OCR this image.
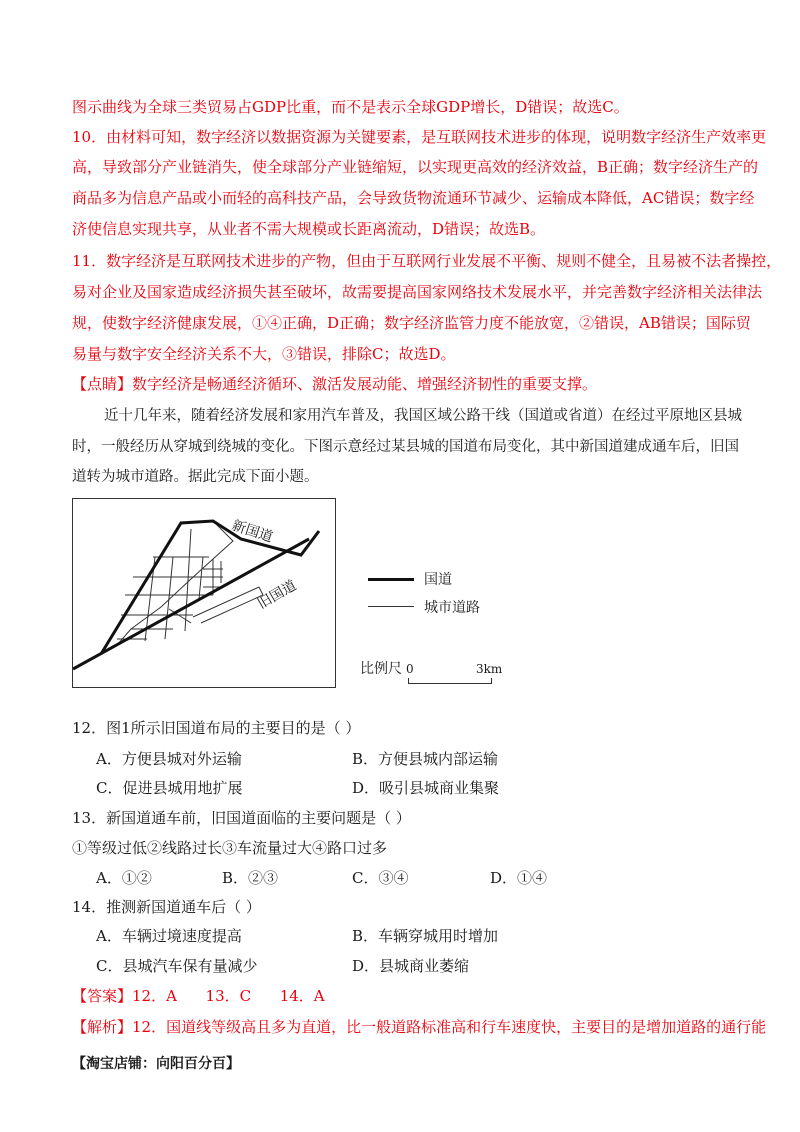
图示曲线为全球三类贸易占GDP比重，而不是表示全球GDP增长，D错误；故选C。
10．由材料可知，数字经济以数据资源为关键要素，是互联网技术进步的体现，说明数字经济生产效率更
高，导致部分产业链消失，使全球部分产业链缩短，以实现更高效的经济效益，B正确；数字经济生产的
商品多为信息产品或小而轻的高科技产品，会导致货物流通环节减少、运输成本降低，AC错误；数字经
济使信息实现共享，从业者不需大规模或长距离流动，D错误；故选B。
11．数字经济是互联网技术进步的产物，但由于互联网行业发展不平衡、规则不健全，且易被不法者操控，
易对企业及国家造成经济损失甚至破坏，故需要提高国家网络技术发展水平，并完善数字经济相关法律法
规，使数字经济健康发展，①④正确，D正确；数字经济监管力度不能放宽，②错误，AB错误；国际贸
易量与数字安全经济关系不大，③错误，排除C；故选D。
【点睛】数字经济是畅通经济循环、激活发展动能、增强经济韧性的重要支撑。
近十几年来，随着经济发展和家用汽车普及，我国区域公路干线（国道或省道）在经过平原地区县城
时，一般经历从穿城到绕城的变化。下图示意经过某县城的国道布局变化，其中新国道建成通车后，旧国
道转为城市道路。据此完成下面小题。
新国道
旧国道	国道
城市道路
比例尺 0	3km
12．图1所示旧国道布局的主要目的是（ ）
A．方便县城对外运输	B．方便县城内部运输
C．促进县城用地扩展	D．吸引县城商业集聚
13．新国道通车前，旧国道面临的主要问题是（ ）
①等级过低②线路过长③车流量过大④路口过多
A．①②	B．②③	C．③④	D．①④
14．推测新国道通车后（ ）
A．车辆过境速度提高	B．车辆穿城用时增加
C．县城汽车保有量减少	D．县城商业萎缩
【答案】12．A      13．C      14．A
【解析】12．国道线等级高且多为直道，比一般道路标准高和行车速度快，主要目的是增加道路的通行能
【淘宝店铺：向阳百分百】
